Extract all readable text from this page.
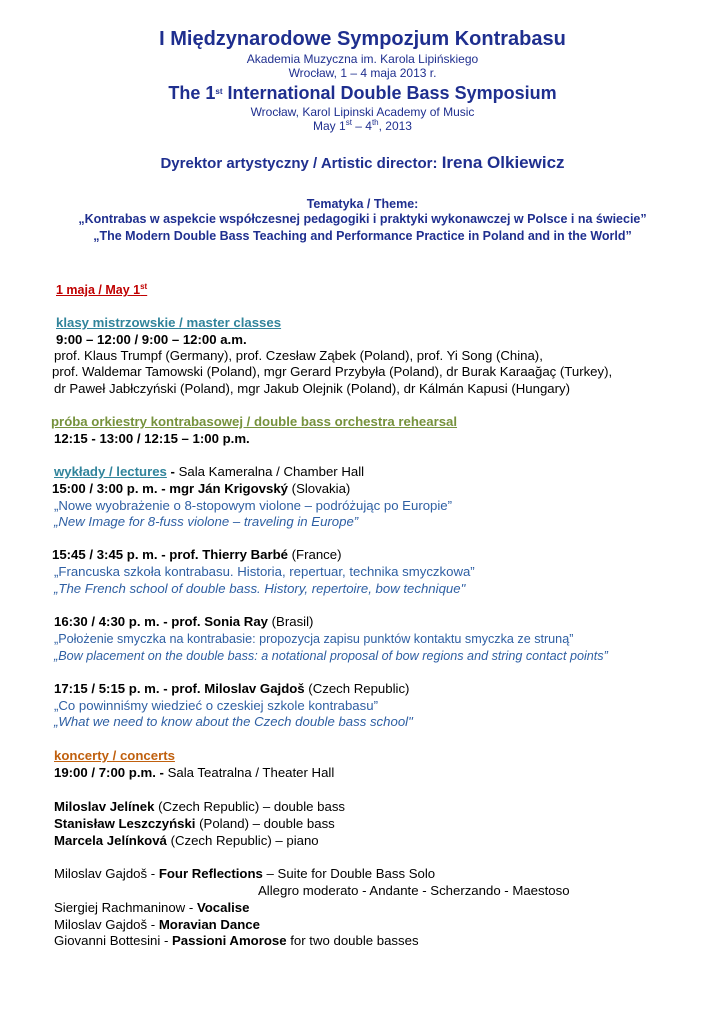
I Międzynarodowe Sympozjum Kontrabasu
Akademia Muzyczna im. Karola Lipińskiego
Wrocław, 1 – 4 maja 2013 r.
The 1st International Double Bass Symposium
Wrocław, Karol Lipinski Academy of Music
May 1st – 4th, 2013
Dyrektor artystyczny / Artistic director: Irena Olkiewicz
Tematyka / Theme:
„Kontrabas w aspekcie współczesnej pedagogiki i praktyki wykonawczej w Polsce i na świecie”
„The Modern Double Bass Teaching and Performance Practice in Poland and in the World”
1 maja / May 1st
klasy mistrzowskie / master classes
9:00 – 12:00 / 9:00 – 12:00 a.m.
prof. Klaus Trumpf (Germany), prof. Czesław Ząbek (Poland), prof. Yi Song (China),
prof. Waldemar Tamowski (Poland), mgr Gerard Przybyła (Poland), dr Burak Karaağaç (Turkey),
dr Paweł Jabłczyński (Poland), mgr Jakub Olejnik (Poland), dr Kálmán Kapusi (Hungary)
próba orkiestry kontrabasowej / double bass orchestra rehearsal
12:15 - 13:00 / 12:15 – 1:00 p.m.
wykłady / lectures - Sala Kameralna / Chamber Hall
15:00 / 3:00 p. m. - mgr Ján Krigovský (Slovakia)
„Nowe wyobrażenie o 8-stopowym violone – podróżując po Europie”
„New Image for 8-fuss violone – traveling in Europe”
15:45 / 3:45 p. m. - prof. Thierry Barbé (France)
„Francuska szkoła kontrabasu. Historia, repertuar, technika smyczkowa”
„The French school of double bass. History, repertoire, bow technique"
16:30 / 4:30 p. m. - prof. Sonia Ray (Brasil)
„Położenie smyczka na kontrabasie: propozycja zapisu punktów kontaktu smyczka ze struną”
„Bow placement on the double bass: a notational proposal of bow regions and string contact points”
17:15 / 5:15 p. m. - prof. Miloslav Gajdoš (Czech Republic)
„Co powinniśmy wiedzieć o czeskiej szkole kontrabasu”
„What we need to know about the Czech double bass school"
koncerty / concerts
19:00 / 7:00 p.m. - Sala Teatralna / Theater Hall
Miloslav Jelínek (Czech Republic) – double bass
Stanisław Leszczyński (Poland) – double bass
Marcela Jelínková (Czech Republic) – piano
Miloslav Gajdoš - Four Reflections – Suite for Double Bass Solo
Allegro moderato - Andante - Scherzando - Maestoso
Siergiej Rachmaninow - Vocalise
Miloslav Gajdoš - Moravian Dance
Giovanni Bottesini - Passioni Amorose for two double basses
